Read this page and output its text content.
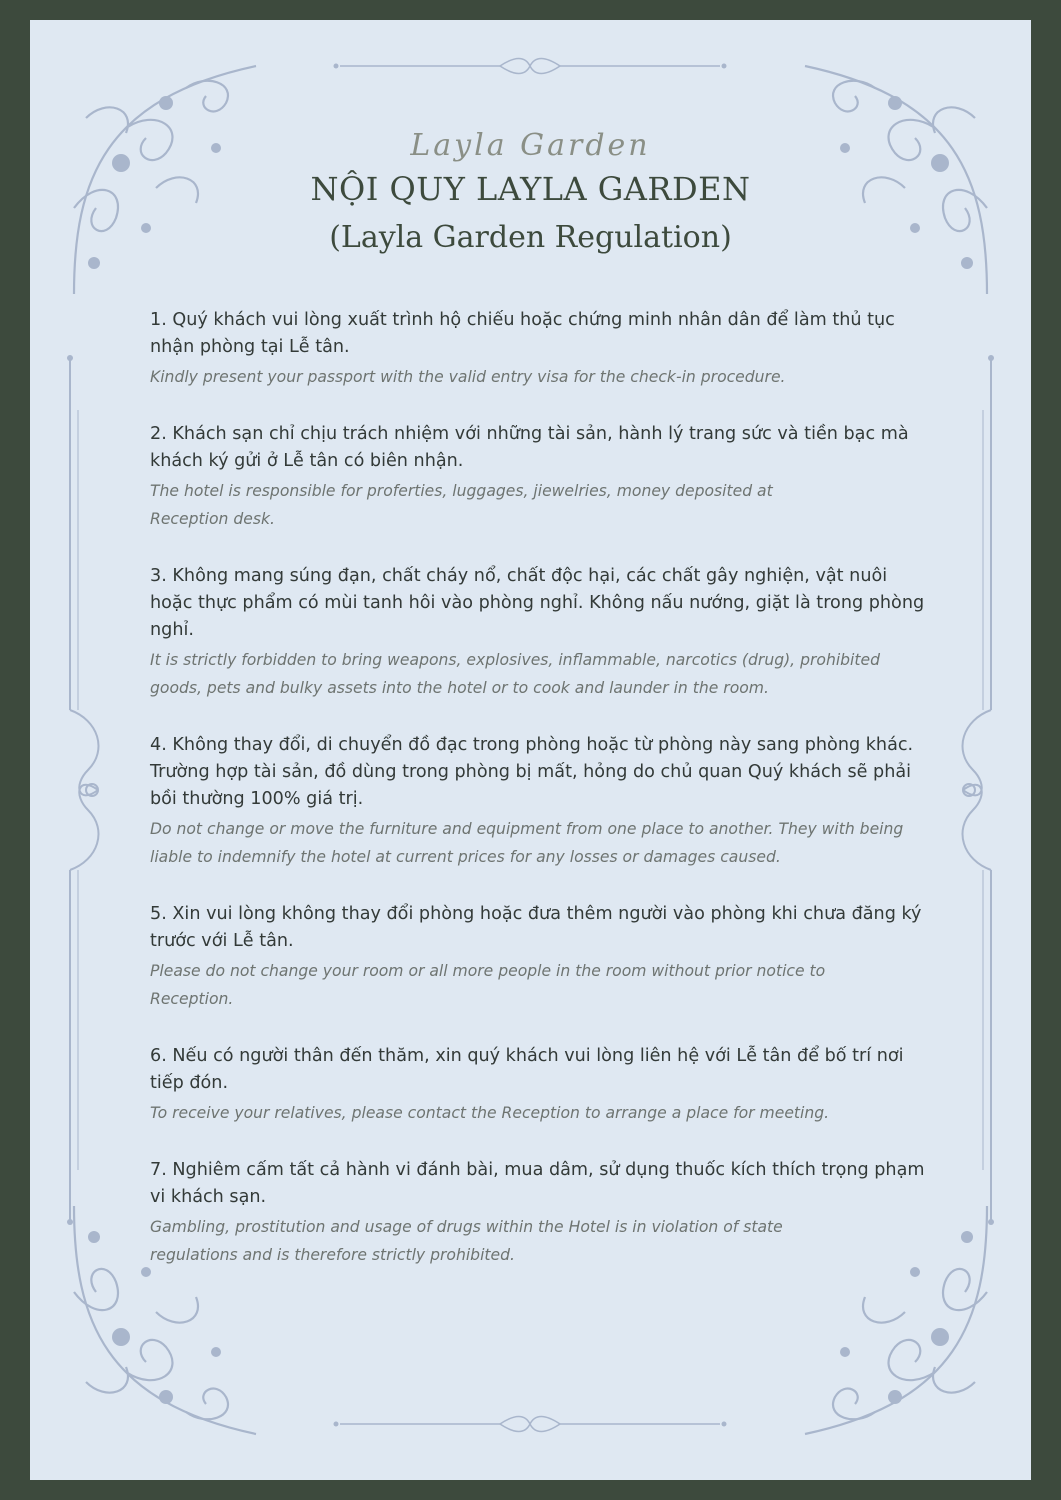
Layla Garden
NỘI QUY LAYLA GARDEN
(Layla Garden Regulation)
1. Quý khách vui lòng xuất trình hộ chiếu hoặc chứng minh nhân dân để làm thủ tục nhận phòng tại Lễ tân.
Kindly present your passport with the valid entry visa for the check-in procedure.
2. Khách sạn chỉ chịu trách nhiệm với những tài sản, hành lý trang sức và tiền bạc mà khách ký gửi ở Lễ tân có biên nhận.
The hotel is responsible for proferties, luggages, jiewelries, money deposited at Reception desk.
3. Không mang súng đạn, chất cháy nổ, chất độc hại, các chất gây nghiện, vật nuôi hoặc thực phẩm có mùi tanh hôi vào phòng nghỉ. Không nấu nướng, giặt là trong phòng nghỉ.
It is strictly forbidden to bring weapons, explosives, inflammable, narcotics (drug), prohibited goods, pets and bulky assets into the hotel or to cook and launder in the room.
4. Không thay đổi, di chuyển đồ đạc trong phòng hoặc từ phòng này sang phòng khác. Trường hợp tài sản, đồ dùng trong phòng bị mất, hỏng do chủ quan Quý khách sẽ phải bồi thường 100% giá trị.
Do not change or move the furniture and equipment from one place to another. They with being liable to indemnify the hotel at current prices for any losses or damages caused.
5. Xin vui lòng không thay đổi phòng hoặc đưa thêm người vào phòng khi chưa đăng ký trước với Lễ tân.
Please do not change your room or all more people in the room without prior notice to Reception.
6. Nếu có người thân đến thăm, xin quý khách vui lòng liên hệ với Lễ tân để bố trí nơi tiếp đón.
To receive your relatives, please contact the Reception to arrange a place for meeting.
7. Nghiêm cấm tất cả hành vi đánh bài, mua dâm, sử dụng thuốc kích thích trọng phạm vi khách sạn.
Gambling, prostitution and usage of drugs within the Hotel is in violation of state regulations and is therefore strictly prohibited.
